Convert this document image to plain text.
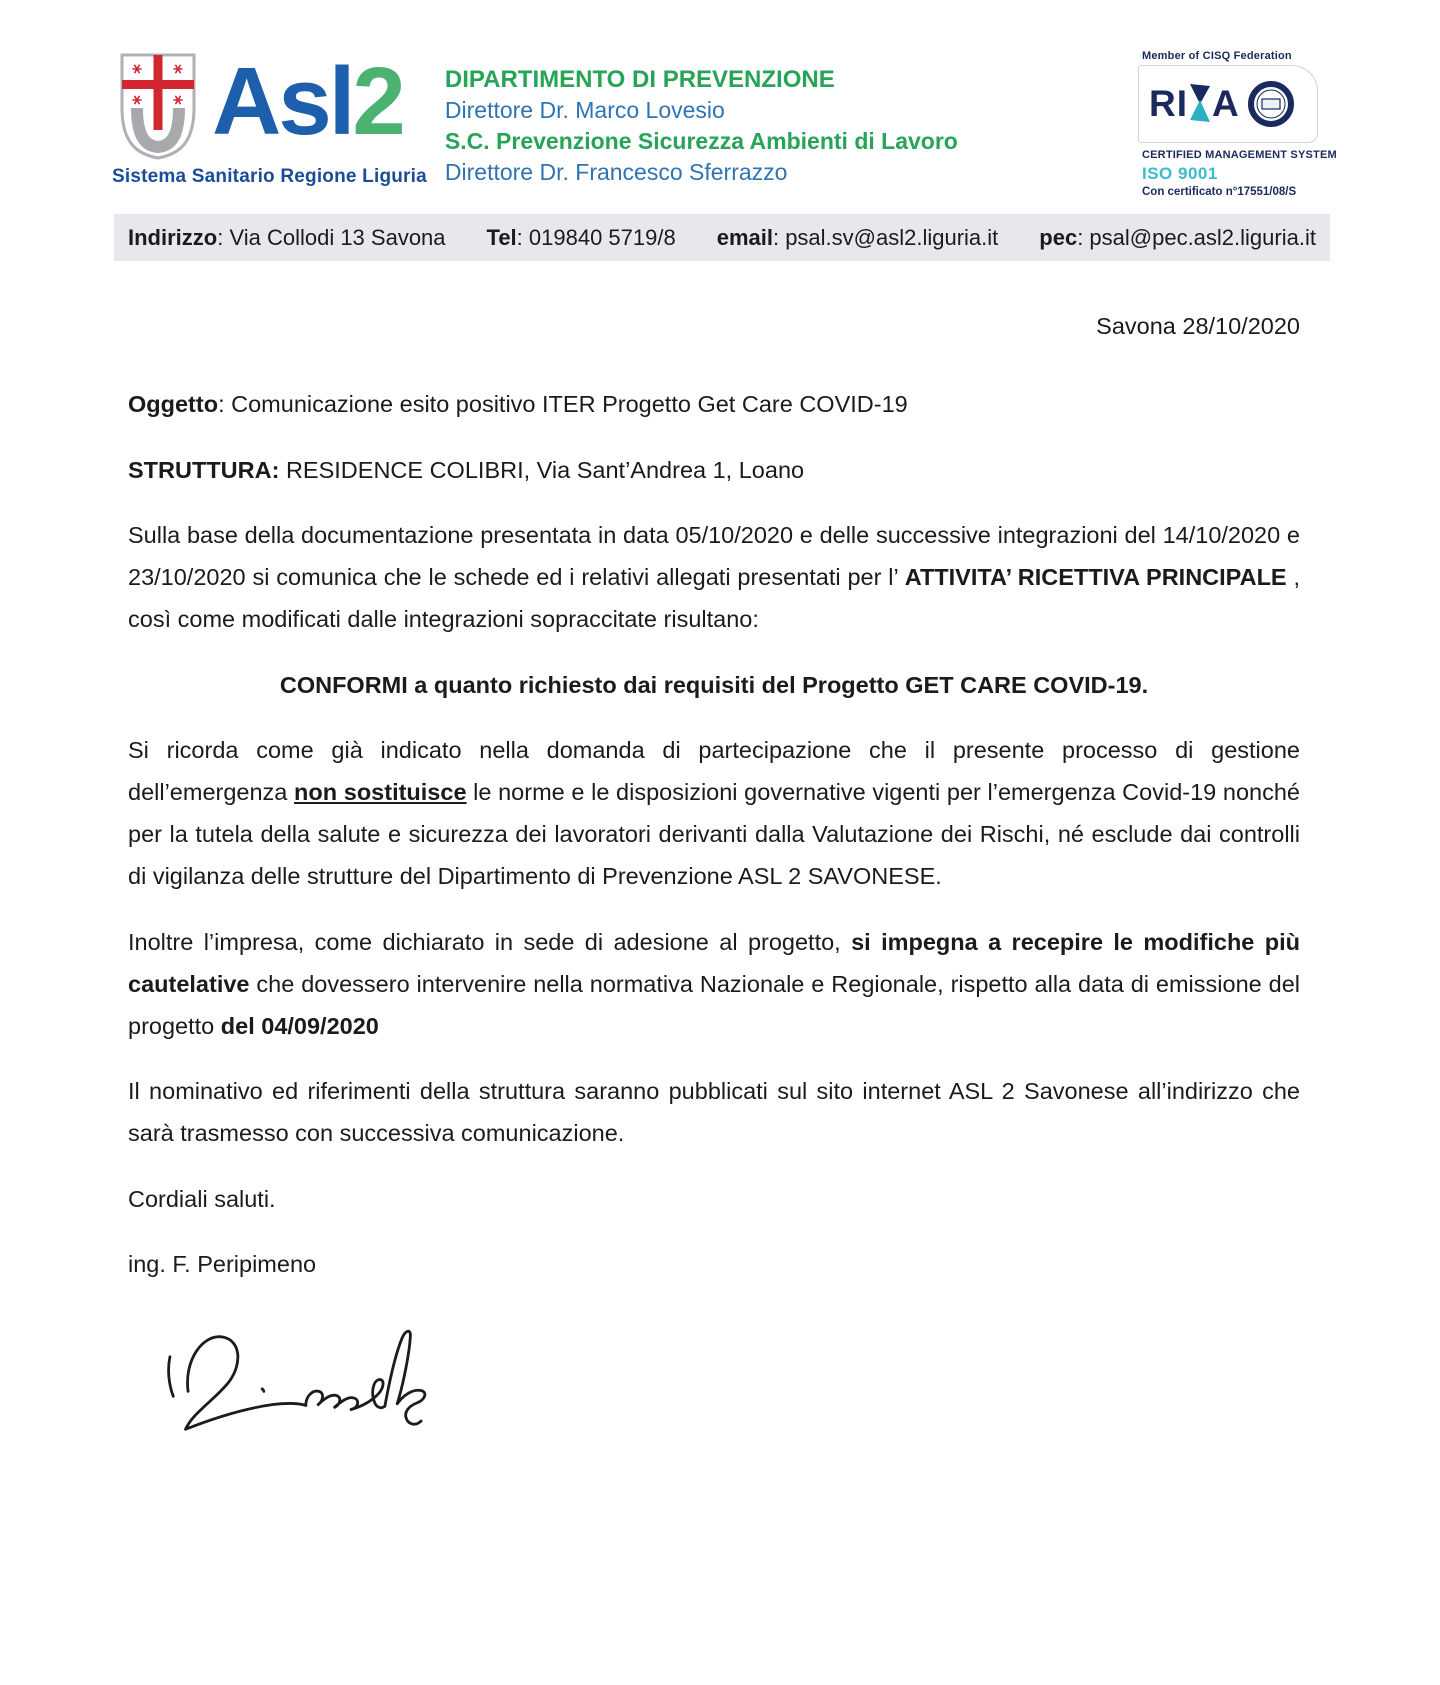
Asl2
Sistema Sanitario Regione Liguria
DIPARTIMENTO DI PREVENZIONE
Direttore Dr. Marco Lovesio
S.C. Prevenzione Sicurezza Ambienti di Lavoro
Direttore Dr. Francesco Sferrazzo
Member of CISQ Federation
RI A
CERTIFIED MANAGEMENT SYSTEM
ISO 9001
Con certificato n°17551/08/S
Indirizzo: Via Collodi 13 Savona Tel: 019840 5719/8 email: psal.sv@asl2.liguria.it pec: psal@pec.asl2.liguria.it
Savona 28/10/2020

Oggetto: Comunicazione esito positivo ITER Progetto Get Care COVID-19

STRUTTURA: RESIDENCE COLIBRI, Via Sant’Andrea 1, Loano

Sulla base della documentazione presentata in data 05/10/2020 e delle successive integrazioni del 14/10/2020 e 23/10/2020 si comunica che le schede ed i relativi allegati presentati per l’ ATTIVITA’ RICETTIVA PRINCIPALE , così come modificati dalle integrazioni sopraccitate risultano:

CONFORMI a quanto richiesto dai requisiti del Progetto GET CARE COVID-19.

Si ricorda come già indicato nella domanda di partecipazione che il presente processo di gestione dell’emergenza non sostituisce le norme e le disposizioni governative vigenti per l’emergenza Covid-19 nonché per la tutela della salute e sicurezza dei lavoratori derivanti dalla Valutazione dei Rischi, né esclude dai controlli di vigilanza delle strutture del Dipartimento di Prevenzione ASL 2 SAVONESE.

Inoltre l’impresa, come dichiarato in sede di adesione al progetto, si impegna a recepire le modifiche più cautelative che dovessero intervenire nella normativa Nazionale e Regionale, rispetto alla data di emissione del progetto del 04/09/2020

Il nominativo ed riferimenti della struttura saranno pubblicati sul sito internet ASL 2 Savonese all’indirizzo che sarà trasmesso con successiva comunicazione.

Cordiali saluti.

ing. F. Peripimeno
